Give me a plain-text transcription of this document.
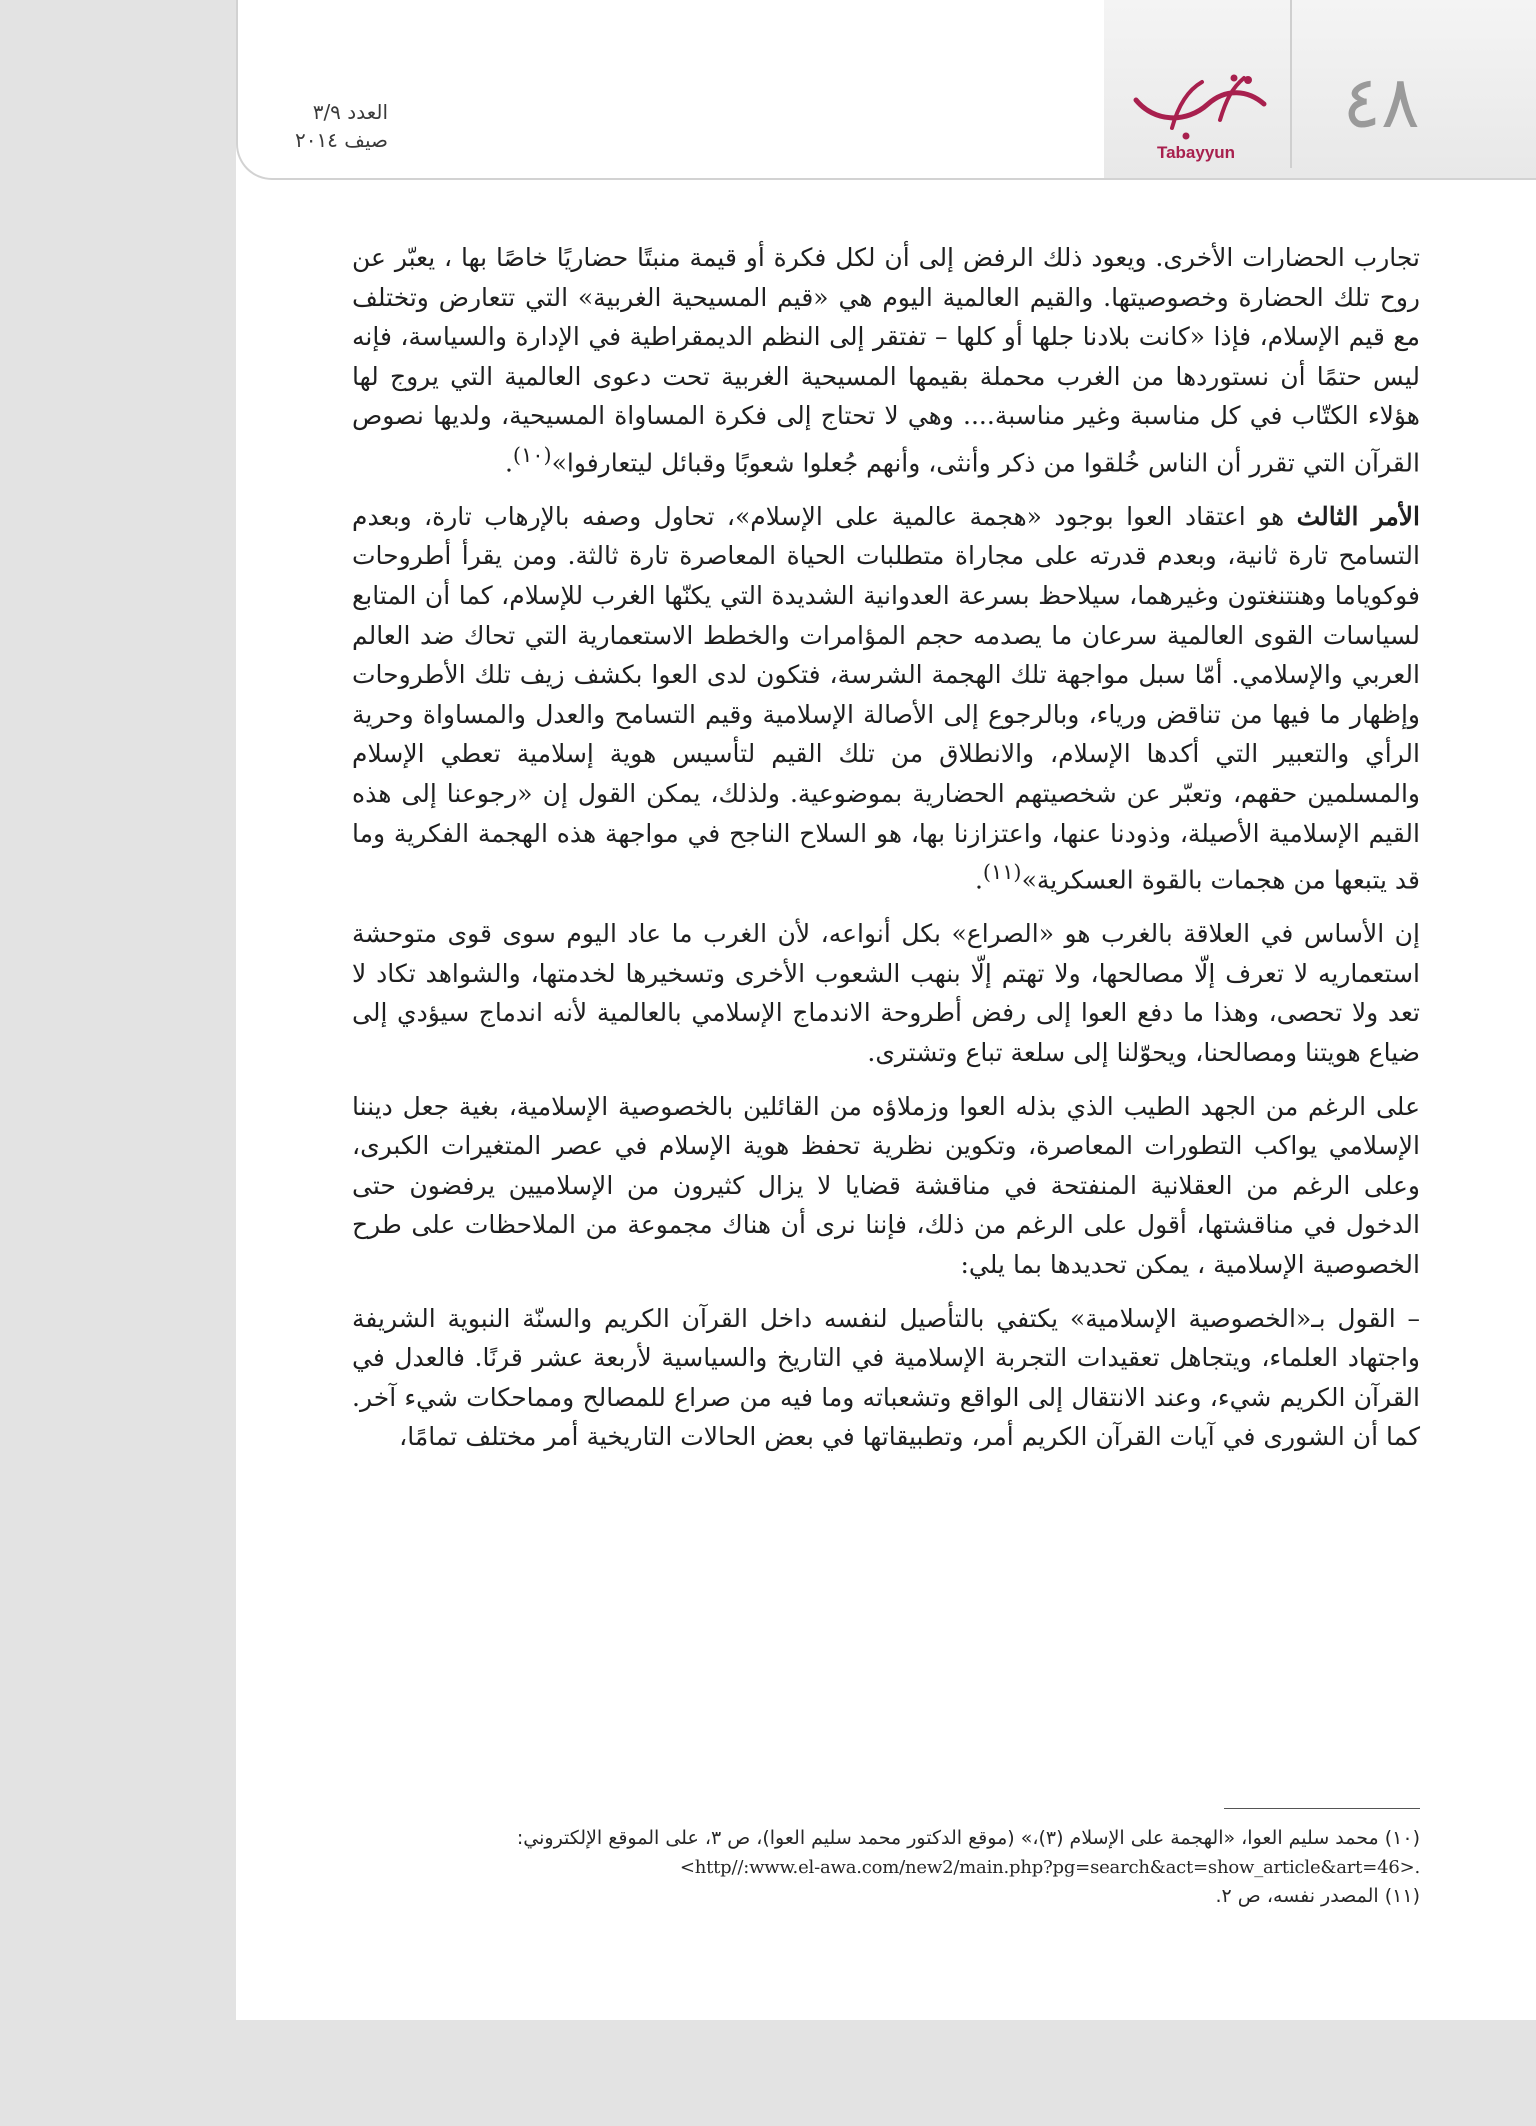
العدد ٣/٩
صيف ٢٠١٤
Tabayyun
٤٨

تجارب الحضارات الأخرى. ويعود ذلك الرفض إلى أن لكل فكرة أو قيمة منبتًا حضاريًا خاصًا بها ، يعبّر عن روح تلك الحضارة وخصوصيتها. والقيم العالمية اليوم هي «قيم المسيحية الغربية» التي تتعارض وتختلف مع قيم الإسلام، فإذا «كانت بلادنا جلها أو كلها – تفتقر إلى النظم الديمقراطية في الإدارة والسياسة، فإنه ليس حتمًا أن نستوردها من الغرب محملة بقيمها المسيحية الغربية تحت دعوى العالمية التي يروج لها هؤلاء الكتّاب في كل مناسبة وغير مناسبة.... وهي لا تحتاج إلى فكرة المساواة المسيحية، ولديها نصوص القرآن التي تقرر أن الناس خُلقوا من ذكر وأنثى، وأنهم جُعلوا شعوبًا وقبائل ليتعارفوا»$^{(١٠)}$.

الأمر الثالث هو اعتقاد العوا بوجود «هجمة عالمية على الإسلام»، تحاول وصفه بالإرهاب تارة، وبعدم التسامح تارة ثانية، وبعدم قدرته على مجاراة متطلبات الحياة المعاصرة تارة ثالثة. ومن يقرأ أطروحات فوكوياما وهنتنغتون وغيرهما، سيلاحظ بسرعة العدوانية الشديدة التي يكنّها الغرب للإسلام، كما أن المتابع لسياسات القوى العالمية سرعان ما يصدمه حجم المؤامرات والخطط الاستعمارية التي تحاك ضد العالم العربي والإسلامي. أمّا سبل مواجهة تلك الهجمة الشرسة، فتكون لدى العوا بكشف زيف تلك الأطروحات وإظهار ما فيها من تناقض ورياء، وبالرجوع إلى الأصالة الإسلامية وقيم التسامح والعدل والمساواة وحرية الرأي والتعبير التي أكدها الإسلام، والانطلاق من تلك القيم لتأسيس هوية إسلامية تعطي الإسلام والمسلمين حقهم، وتعبّر عن شخصيتهم الحضارية بموضوعية. ولذلك، يمكن القول إن «رجوعنا إلى هذه القيم الإسلامية الأصيلة، وذودنا عنها، واعتزازنا بها، هو السلاح الناجح في مواجهة هذه الهجمة الفكرية وما قد يتبعها من هجمات بالقوة العسكرية»$^{(١١)}$.

إن الأساس في العلاقة بالغرب هو «الصراع» بكل أنواعه، لأن الغرب ما عاد اليوم سوى قوى متوحشة استعماريه لا تعرف إلّا مصالحها، ولا تهتم إلّا بنهب الشعوب الأخرى وتسخيرها لخدمتها، والشواهد تكاد لا تعد ولا تحصى، وهذا ما دفع العوا إلى رفض أطروحة الاندماج الإسلامي بالعالمية لأنه اندماج سيؤدي إلى ضياع هويتنا ومصالحنا، ويحوّلنا إلى سلعة تباع وتشترى.

على الرغم من الجهد الطيب الذي بذله العوا وزملاؤه من القائلين بالخصوصية الإسلامية، بغية جعل ديننا الإسلامي يواكب التطورات المعاصرة، وتكوين نظرية تحفظ هوية الإسلام في عصر المتغيرات الكبرى، وعلى الرغم من العقلانية المنفتحة في مناقشة قضايا لا يزال كثيرون من الإسلاميين يرفضون حتى الدخول في مناقشتها، أقول على الرغم من ذلك، فإننا نرى أن هناك مجموعة من الملاحظات على طرح الخصوصية الإسلامية ، يمكن تحديدها بما يلي:

– القول بـ«الخصوصية الإسلامية» يكتفي بالتأصيل لنفسه داخل القرآن الكريم والسنّة النبوية الشريفة واجتهاد العلماء، ويتجاهل تعقيدات التجربة الإسلامية في التاريخ والسياسية لأربعة عشر قرنًا. فالعدل في القرآن الكريم شيء، وعند الانتقال إلى الواقع وتشعباته وما فيه من صراع للمصالح ومماحكات شيء آخر. كما أن الشورى في آيات القرآن الكريم أمر، وتطبيقاتها في بعض الحالات التاريخية أمر مختلف تمامًا،

(١٠) محمد سليم العوا، «الهجمة على الإسلام (٣)،» (موقع الدكتور محمد سليم العوا)، ص ٣، على الموقع الإلكتروني:

<http//:www.el-awa.com/new2/main.php?pg=search&act=show_article&art=46>.

(١١) المصدر نفسه، ص ٢.
